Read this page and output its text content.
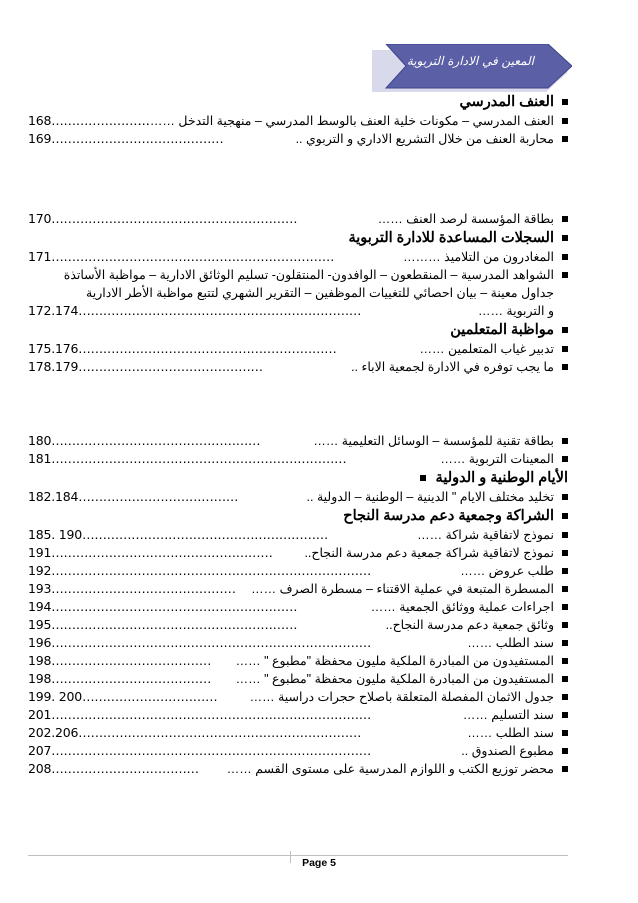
المعين في الادارة التربوية
العنف المدرسي
العنف المدرسي – مكونات خلية العنف بالوسط المدرسي – منهجية التدخل ………
168……………………
محاربة العنف من خلال التشريع الاداري و التربوي ..
169……………………………………
بطاقة المؤسسة لرصد العنف ……
170……………………………………………………
السجلات المساعدة للادارة التربوية
المغادرون من التلاميذ ………
171……………………………………………………………
الشواهد المدرسية – المنقطعون – الوافدون- المنتقلون- تسليم الوثائق الادارية – مواظبة الأساتذة
جداول معينة – بيان احصائي للتغييات الموظفين – التقرير الشهري لتتبع مواظبة الأطر الادارية
و التربوية ……
172.174……………………………………………………………
مواظبة المتعلمين
تدبير غياب المتعلمين ……
175.176………………………………………………………
ما يجب توفره في الادارة لجمعية الاباء ..
178.179………………………………………
بطاقة تقنية للمؤسسة – الوسائل التعليمية ……
180……………………………………………
المعينات التربوية ……
181………………………………………………………………
الأيام الوطنية و الدولية
تخليد مختلف الايام " الدينية – الوطنية – الدولية ..
182.184…………………………………
الشراكة وجمعية دعم مدرسة النجاح
نموذج لاتفاقية شراكة ……
185. 190……………………………………………………
نموذج لاتفاقية شراكة جمعية دعم مدرسة النجاح..
191………………………………………………
طلب عروض ……
192……………………………………………………………………
المسطرة المتبعة في عملية الاقتناء – مسطرة الصرف ……
193………………………………………
اجراءات عملية ووثائق الجمعية ……
194……………………………………………………
وثائق جمعية دعم مدرسة النجاح..
195……………………………………………………
سند الطلب ……
196……………………………………………………………………
المستفيدون من المبادرة الملكية مليون محفظة "مطبوع " ……
198…………………………………
المستفيدون من المبادرة الملكية مليون محفظة "مطبوع " ……
198…………………………………
جدول الاثمان المفصلة المتعلقة باصلاح حجرات دراسية ……
199. 200……………………………
سند التسليم ……
201……………………………………………………………………
سند الطلب ……
202.206……………………………………………………………
مطبوع الصندوق ..
207……………………………………………………………………
محضر توزيع الكتب و اللوازم المدرسية على مستوى القسم ……
208………………………………
Page 5
